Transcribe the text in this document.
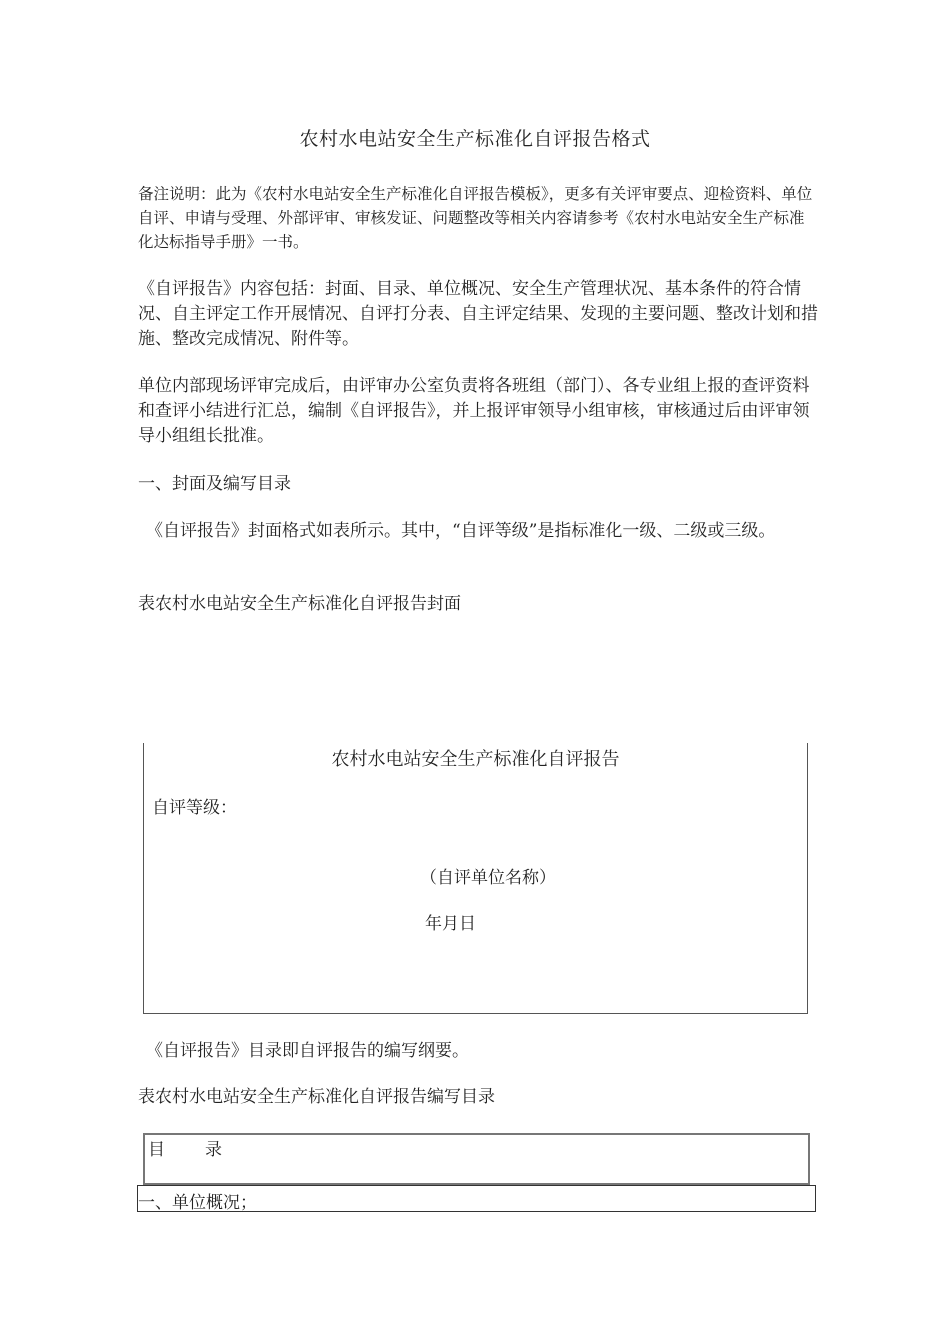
农村水电站安全生产标准化自评报告格式

备注说明：此为《农村水电站安全生产标准化自评报告模板》，更多有关评审要点、迎检资料、单位自评、申请与受理、外部评审、审核发证、问题整改等相关内容请参考《农村水电站安全生产标准化达标指导手册》一书。

《自评报告》内容包括：封面、目录、单位概况、安全生产管理状况、基本条件的符合情况、自主评定工作开展情况、自评打分表、自主评定结果、发现的主要问题、整改计划和措施、整改完成情况、附件等。

单位内部现场评审完成后，由评审办公室负责将各班组（部门）、各专业组上报的查评资料和查评小结进行汇总，编制《自评报告》，并上报评审领导小组审核，审核通过后由评审领导小组组长批准。

一、封面及编写目录

《自评报告》封面格式如表所示。其中，“自评等级”是指标准化一级、二级或三级。

表农村水电站安全生产标准化自评报告封面

农村水电站安全生产标准化自评报告
自评等级：
（自评单位名称）
年月日

《自评报告》目录即自评报告的编写纲要。

表农村水电站安全生产标准化自评报告编写目录

目　　录
一、单位概况；
